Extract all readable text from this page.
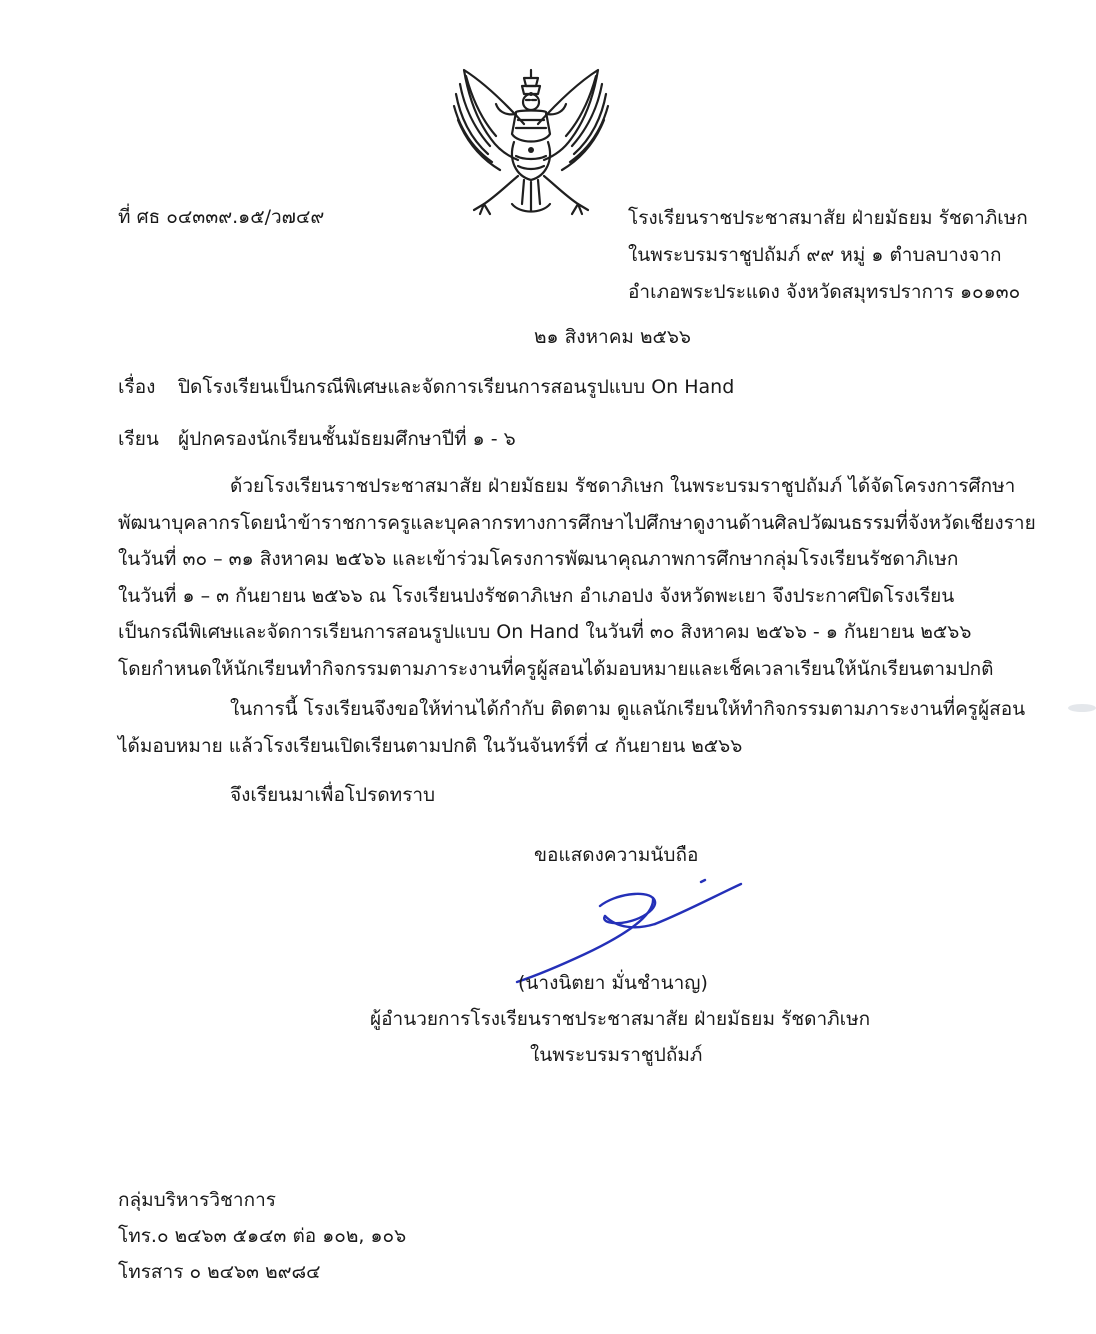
ที่ ศธ ๐๔๓๓๙.๑๕/ว๗๔๙	โรงเรียนราชประชาสมาสัย ฝ่ายมัธยม รัชดาภิเษก
ในพระบรมราชูปถัมภ์ ๙๙ หมู่ ๑ ตำบลบางจาก
อำเภอพระประแดง จังหวัดสมุทรปราการ ๑๐๑๓๐
๒๑ สิงหาคม ๒๕๖๖
เรื่อง ปิดโรงเรียนเป็นกรณีพิเศษและจัดการเรียนการสอนรูปแบบ On Hand
เรียน ผู้ปกครองนักเรียนชั้นมัธยมศึกษาปีที่ ๑ - ๖
ด้วยโรงเรียนราชประชาสมาสัย ฝ่ายมัธยม รัชดาภิเษก ในพระบรมราชูปถัมภ์ ได้จัดโครงการศึกษา
พัฒนาบุคลากรโดยนำข้าราชการครูและบุคลากรทางการศึกษาไปศึกษาดูงานด้านศิลปวัฒนธรรมที่จังหวัดเชียงราย
ในวันที่ ๓๐ – ๓๑ สิงหาคม ๒๕๖๖ และเข้าร่วมโครงการพัฒนาคุณภาพการศึกษากลุ่มโรงเรียนรัชดาภิเษก
ในวันที่ ๑ – ๓ กันยายน ๒๕๖๖ ณ โรงเรียนปงรัชดาภิเษก อำเภอปง จังหวัดพะเยา จึงประกาศปิดโรงเรียน
เป็นกรณีพิเศษและจัดการเรียนการสอนรูปแบบ On Hand ในวันที่ ๓๐ สิงหาคม ๒๕๖๖ - ๑ กันยายน ๒๕๖๖
โดยกำหนดให้นักเรียนทำกิจกรรมตามภาระงานที่ครูผู้สอนได้มอบหมายและเช็คเวลาเรียนให้นักเรียนตามปกติ
ในการนี้ โรงเรียนจึงขอให้ท่านได้กำกับ ติดตาม ดูแลนักเรียนให้ทำกิจกรรมตามภาระงานที่ครูผู้สอน
ได้มอบหมาย แล้วโรงเรียนเปิดเรียนตามปกติ ในวันจันทร์ที่ ๔ กันยายน ๒๕๖๖
จึงเรียนมาเพื่อโปรดทราบ
ขอแสดงความนับถือ
(นางนิตยา มั่นชำนาญ)
ผู้อำนวยการโรงเรียนราชประชาสมาสัย ฝ่ายมัธยม รัชดาภิเษก
ในพระบรมราชูปถัมภ์
กลุ่มบริหารวิชาการ
โทร.๐ ๒๔๖๓ ๕๑๔๓ ต่อ ๑๐๒, ๑๐๖
โทรสาร ๐ ๒๔๖๓ ๒๙๘๔
